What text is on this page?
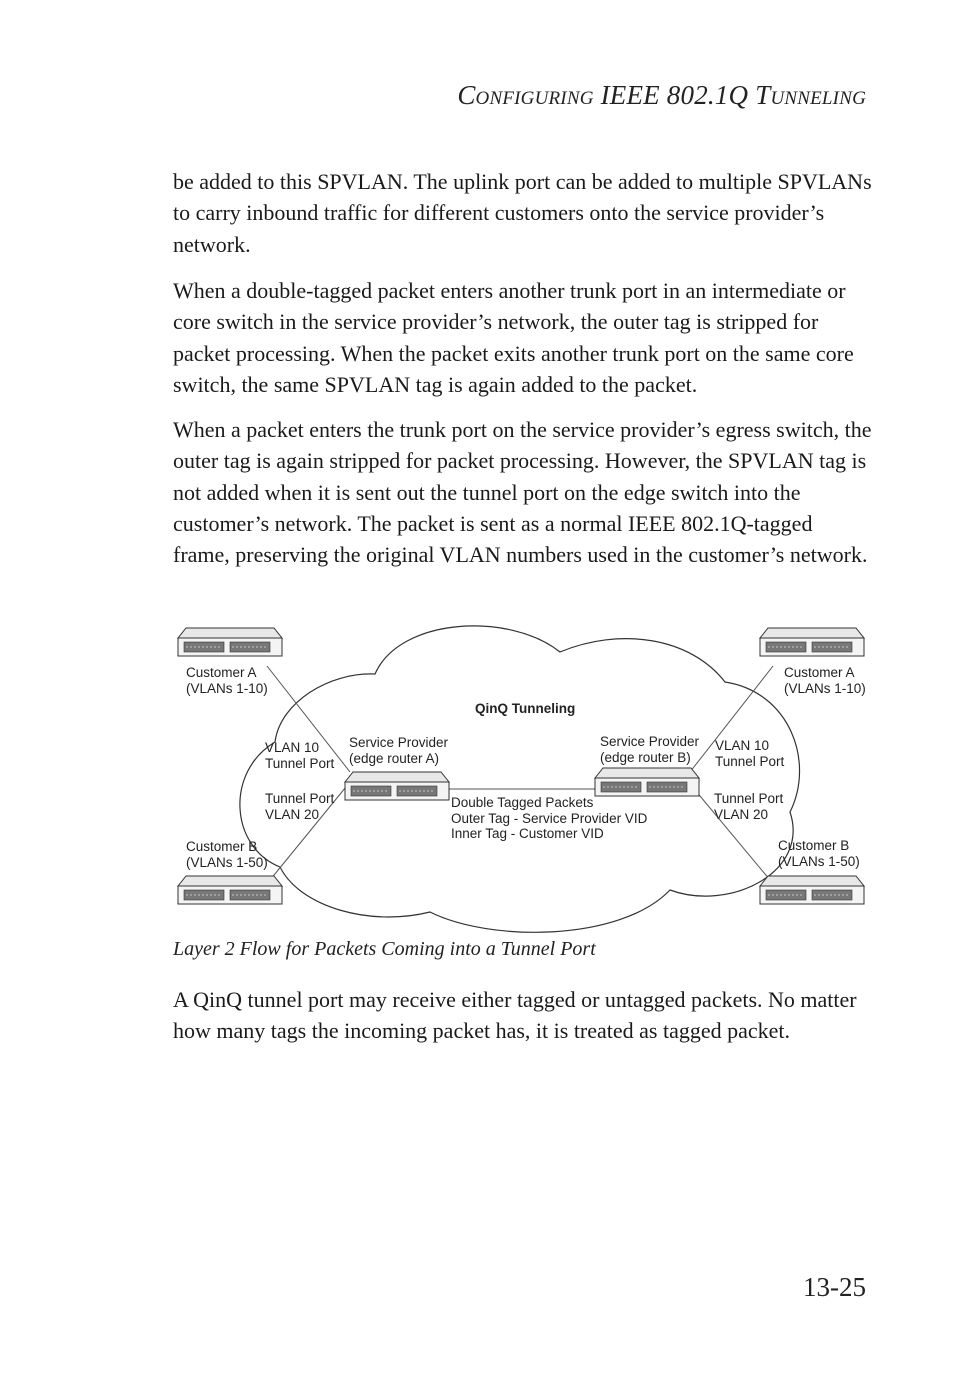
CONFIGURING IEEE 802.1Q TUNNELING

be added to this SPVLAN. The uplink port can be added to multiple SPVLANs to carry inbound traffic for different customers onto the service provider’s network.

When a double-tagged packet enters another trunk port in an intermediate or core switch in the service provider’s network, the outer tag is stripped for packet processing. When the packet exits another trunk port on the same core switch, the same SPVLAN tag is again added to the packet.

When a packet enters the trunk port on the service provider’s egress switch, the outer tag is again stripped for packet processing. However, the SPVLAN tag is not added when it is sent out the tunnel port on the edge switch into the customer’s network. The packet is sent as a normal IEEE 802.1Q-tagged frame, preserving the original VLAN numbers used in the customer’s network.

QinQ Tunneling
Customer A
(VLANs 1-10)
Customer A
(VLANs 1-10)
Customer B
(VLANs 1-50)
Customer B
(VLANs 1-50)
VLAN 10
Tunnel Port
VLAN 10
Tunnel Port
Tunnel Port
VLAN 20
Tunnel Port
VLAN 20
Service Provider
(edge router A)
Service Provider
(edge router B)
Double Tagged Packets
Outer Tag - Service Provider VID
Inner Tag - Customer VID
Layer 2 Flow for Packets Coming into a Tunnel Port

A QinQ tunnel port may receive either tagged or untagged packets. No matter how many tags the incoming packet has, it is treated as tagged packet.

13-25
